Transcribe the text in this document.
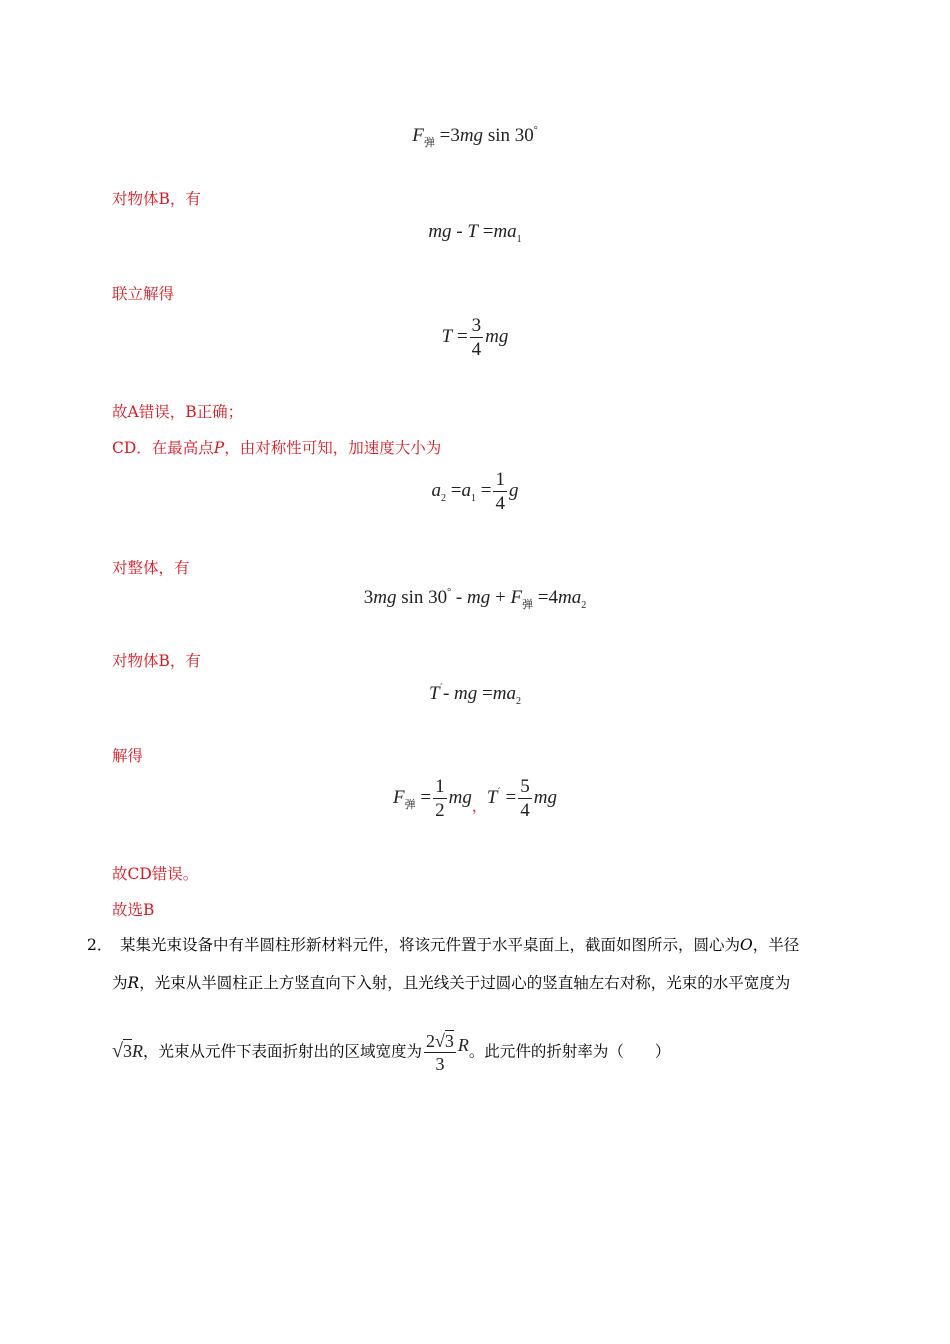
$F_弹 =3mg$ sin 30°
对物体B，有
mg - $T =ma_1$
联立解得
$T = \frac{3}{4}$ mg
故A错误，B正确；
CD．在最高点P，由对称性可知，加速度大小为
$a_2 =a_1 = \frac{1}{4}$ g
对整体，有
3mg sin 30° - mg + $F_弹 =4ma_2$
对物体B，有
T´- mg $=ma_2$
解得
$F_弹 = \frac{1}{2} mg_,T^´ = \frac{5}{4}$ mg
故CD错误。
故选B
2． 某集光束设备中有半圆柱形新材料元件，将该元件置于水平桌面上，截面如图所示，圆心为O，半径
为R，光束从半圆柱正上方竖直向下入射，且光线关于过圆心的竖直轴左右对称，光束的水平宽度为
√3R，光束从元件下表面折射出的区域宽度为 $\frac{2√3}{3}$ R。此元件的折射率为（　　）
